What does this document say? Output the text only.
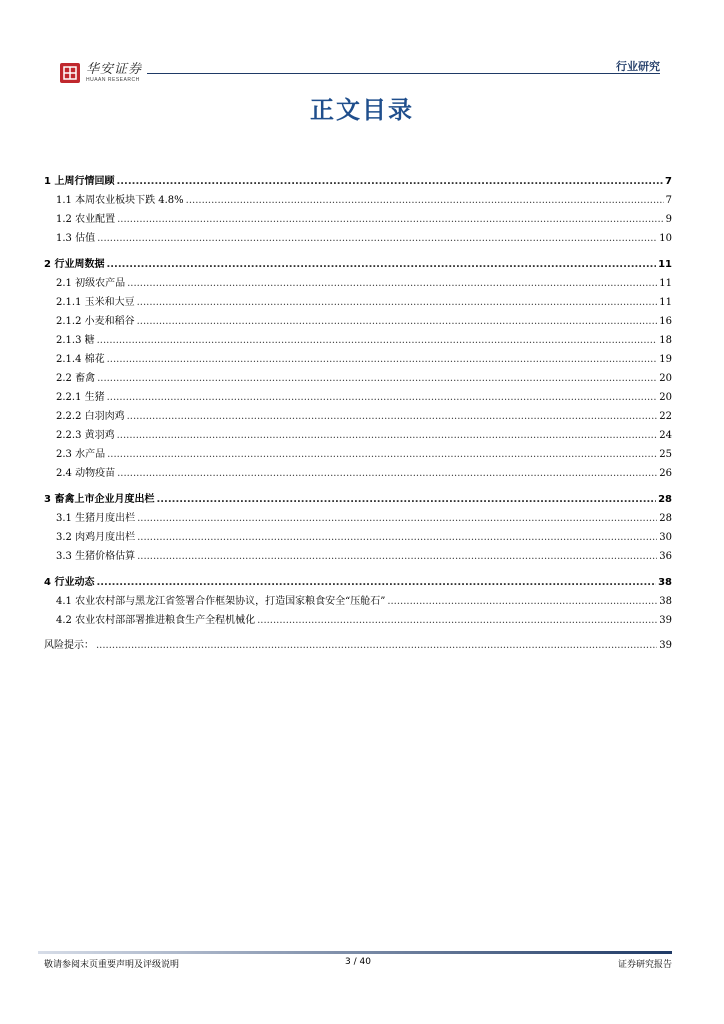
华安证券
HUAAN RESEARCH
行业研究
正文目录
1 上周行情回顾 .....	7
1.1 本周农业板块下跌 4.8% .....	7
1.2 农业配置 .....	9
1.3 估值 .....	10
2 行业周数据 .....	11
2.1 初级农产品 .....	11
2.1.1 玉米和大豆 .....	11
2.1.2 小麦和稻谷 .....	16
2.1.3 糖 .....	18
2.1.4 棉花 .....	19
2.2 畜禽 .....	20
2.2.1 生猪 .....	20
2.2.2 白羽肉鸡 .....	22
2.2.3 黄羽鸡 .....	24
2.3 水产品 .....	25
2.4 动物疫苗 .....	26
3 畜禽上市企业月度出栏 .....	28
3.1 生猪月度出栏 .....	28
3.2 肉鸡月度出栏 .....	30
3.3 生猪价格估算 .....	36
4 行业动态 .....	38
4.1 农业农村部与黑龙江省签署合作框架协议，打造国家粮食安全“压舱石” .....	38
4.2 农业农村部部署推进粮食生产全程机械化 .....	39
风险提示： .....	39
敬请参阅末页重要声明及评级说明	3 / 40	证券研究报告
